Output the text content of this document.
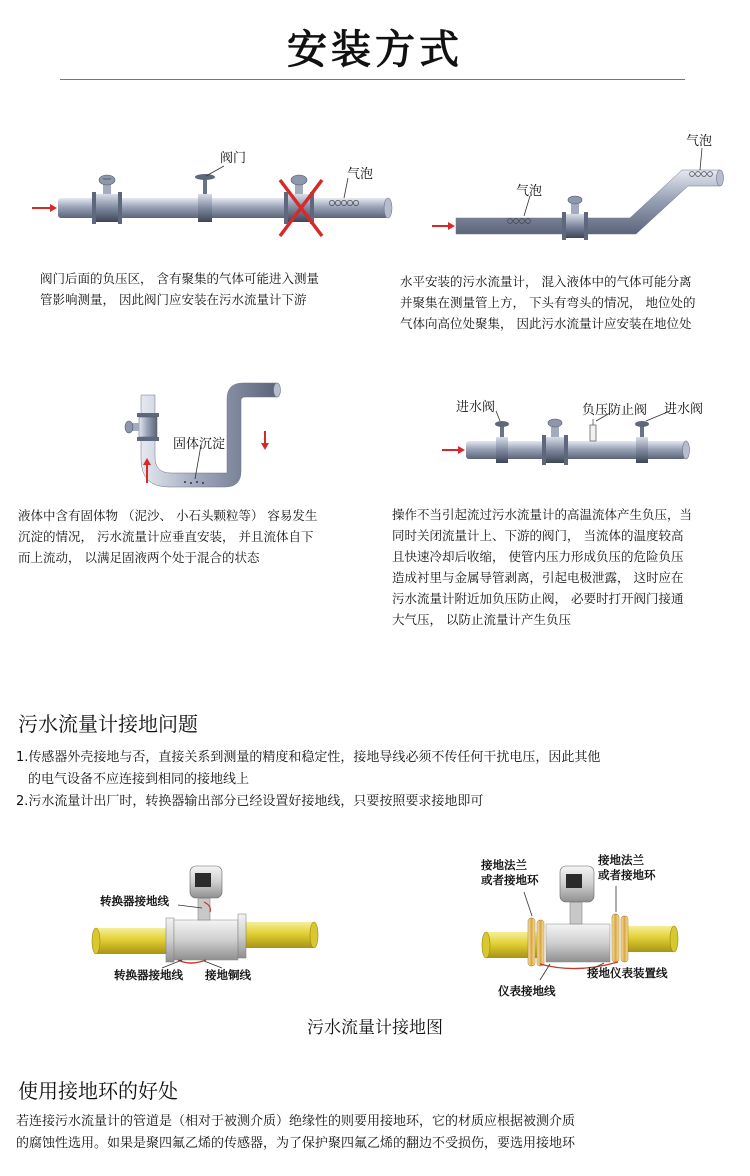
安装方式
阀门
气泡
阀门后面的负压区， 含有聚集的气体可能进入测量
管影响测量， 因此阀门应安装在污水流量计下游
气泡
气泡
水平安装的污水流量计， 混入液体中的气体可能分离
并聚集在测量管上方， 下头有弯头的情况， 地位处的
气体向高位处聚集， 因此污水流量计应安装在地位处
固体沉淀
液体中含有固体物 （泥沙、 小石头颗粒等） 容易发生
沉淀的情况， 污水流量计应垂直安装， 并且流体自下
而上流动， 以满足固液两个处于混合的状态
进水阀	负压防止阀 进水阀
操作不当引起流过污水流量计的高温流体产生负压，当
同时关闭流量计上、下游的阀门， 当流体的温度较高
且快速冷却后收缩， 使管内压力形成负压的危险负压
造成衬里与金属导管剥离，引起电极泄露， 这时应在
污水流量计附近加负压防止阀， 必要时打开阀门接通
大气压， 以防止流量计产生负压
污水流量计接地问题
1.传感器外壳接地与否，直接关系到测量的精度和稳定性，接地导线必须不传任何干扰电压，因此其他
的电气设备不应连接到相同的接地线上
2.污水流量计出厂时，转换器输出部分已经设置好接地线，只要按照要求接地即可
转换器接地线
转换器接地线 接地铜线
接地法兰
或者接地环
接地法兰
或者接地环
仪表接地线
接地仪表装置线
污水流量计接地图
使用接地环的好处
若连接污水流量计的管道是（相对于被测介质）绝缘性的则要用接地环，它的材质应根据被测介质
的腐蚀性选用。如果是聚四氟乙烯的传感器，为了保护聚四氟乙烯的翻边不受损伤，要选用接地环
